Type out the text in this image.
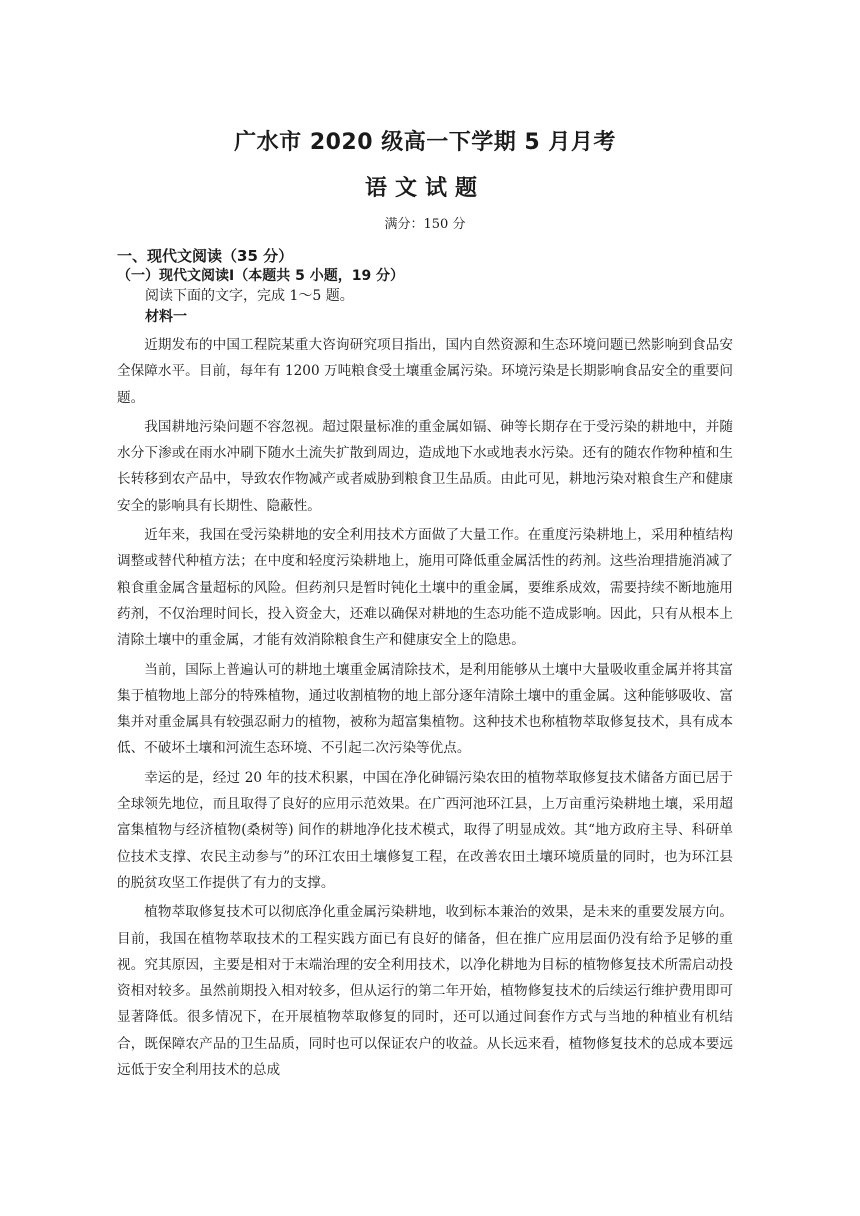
广水市 2020 级高一下学期 5 月月考
语文试题

满分：150 分

一、现代文阅读（35 分）

（一）现代文阅读Ⅰ（本题共 5 小题，19 分）

阅读下面的文字，完成 1～5 题。

材料一

近期发布的中国工程院某重大咨询研究项目指出，国内自然资源和生态环境问题已然影响到食品安全保障水平。目前，每年有 1200 万吨粮食受土壤重金属污染。环境污染是长期影响食品安全的重要问题。

我国耕地污染问题不容忽视。超过限量标准的重金属如镉、砷等长期存在于受污染的耕地中，并随水分下渗或在雨水冲刷下随水土流失扩散到周边，造成地下水或地表水污染。还有的随农作物种植和生长转移到农产品中，导致农作物减产或者威胁到粮食卫生品质。由此可见，耕地污染对粮食生产和健康安全的影响具有长期性、隐蔽性。

近年来，我国在受污染耕地的安全利用技术方面做了大量工作。在重度污染耕地上，采用种植结构调整或替代种植方法；在中度和轻度污染耕地上，施用可降低重金属活性的药剂。这些治理措施消减了粮食重金属含量超标的风险。但药剂只是暂时钝化土壤中的重金属，要维系成效，需要持续不断地施用药剂，不仅治理时间长，投入资金大，还难以确保对耕地的生态功能不造成影响。因此，只有从根本上清除土壤中的重金属，才能有效消除粮食生产和健康安全上的隐患。

当前，国际上普遍认可的耕地土壤重金属清除技术，是利用能够从土壤中大量吸收重金属并将其富集于植物地上部分的特殊植物，通过收割植物的地上部分逐年清除土壤中的重金属。这种能够吸收、富集并对重金属具有较强忍耐力的植物，被称为超富集植物。这种技术也称植物萃取修复技术，具有成本低、不破坏土壤和河流生态环境、不引起二次污染等优点。

幸运的是，经过 20 年的技术积累，中国在净化砷镉污染农田的植物萃取修复技术储备方面已居于全球领先地位，而且取得了良好的应用示范效果。在广西河池环江县，上万亩重污染耕地土壤，采用超富集植物与经济植物(桑树等) 间作的耕地净化技术模式，取得了明显成效。其“地方政府主导、科研单位技术支撑、农民主动参与”的环江农田土壤修复工程，在改善农田土壤环境质量的同时，也为环江县的脱贫攻坚工作提供了有力的支撑。

植物萃取修复技术可以彻底净化重金属污染耕地，收到标本兼治的效果，是未来的重要发展方向。目前，我国在植物萃取技术的工程实践方面已有良好的储备，但在推广应用层面仍没有给予足够的重视。究其原因，主要是相对于末端治理的安全利用技术，以净化耕地为目标的植物修复技术所需启动投资相对较多。虽然前期投入相对较多，但从运行的第二年开始，植物修复技术的后续运行维护费用即可显著降低。很多情况下，在开展植物萃取修复的同时，还可以通过间套作方式与当地的种植业有机结合，既保障农产品的卫生品质，同时也可以保证农户的收益。从长远来看，植物修复技术的总成本要远远低于安全利用技术的总成
